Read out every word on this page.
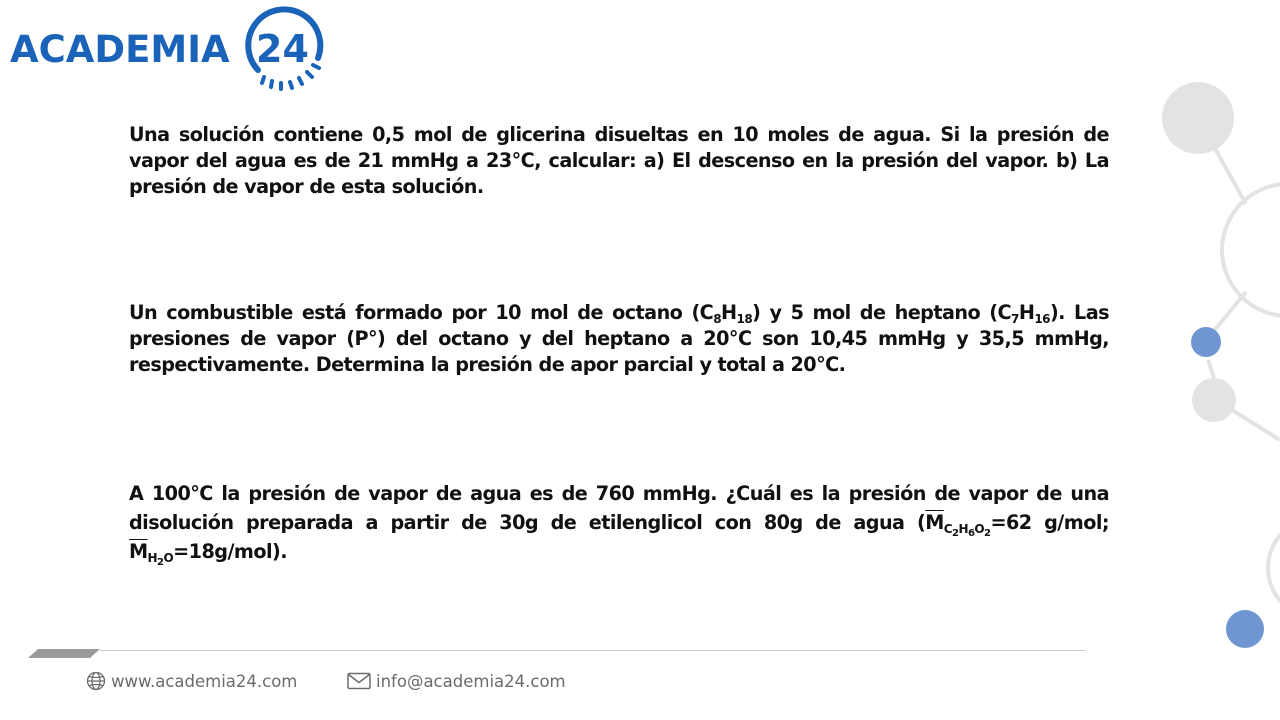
ACADEMIA 24
Una solución contiene 0,5 mol de glicerina disueltas en 10 moles de agua. Si la presión de vapor del agua es de 21 mmHg a 23°C, calcular: a) El descenso en la presión del vapor. b) La presión de vapor de esta solución.
Un combustible está formado por 10 mol de octano $(C_8H_{18})$ y 5 mol de heptano $(C_7H_{16})$. Las presiones de vapor (P°) del octano y del heptano a 20°C son 10,45 mmHg y 35,5 mmHg, respectivamente. Determina la presión de apor parcial y total a 20°C.
A 100°C la presión de vapor de agua es de 760 mmHg. ¿Cuál es la presión de vapor de una disolución preparada a partir de 30g de etilenglicol con 80g de agua ($\overline{M}_{C_2H_6O_2}=62$ g/mol; $\overline{M}_{H_2O}=18g/mol$).
www.academia24.com	info@academia24.com
